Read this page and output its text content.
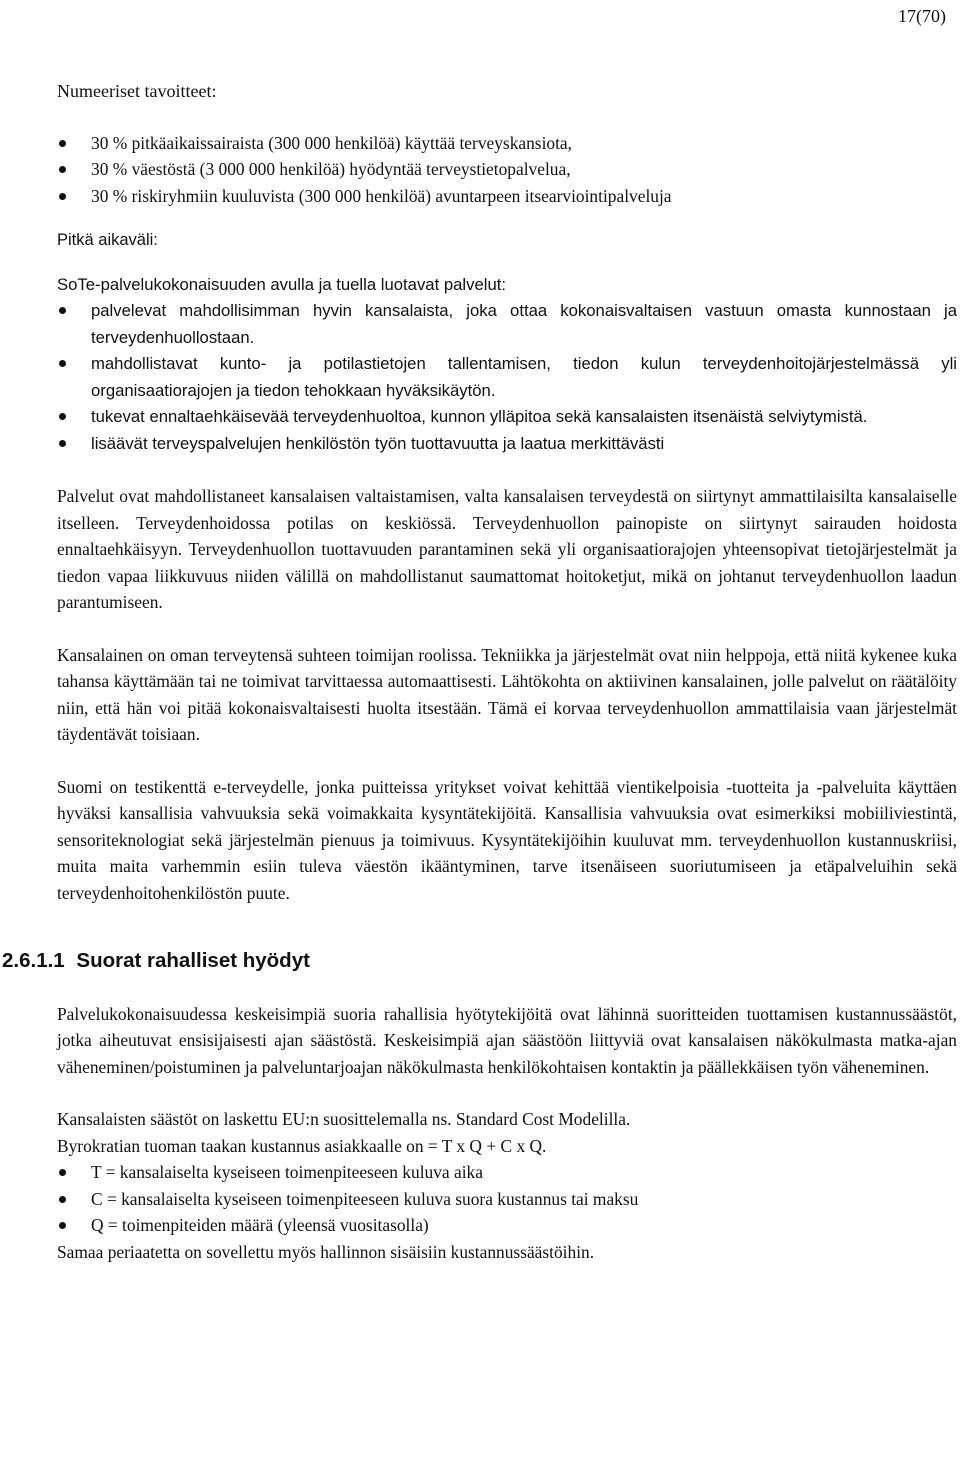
17(70)

Numeeriset tavoitteet:

30 % pitkäaikaissairaista (300 000 henkilöä) käyttää terveyskansiota,
30 % väestöstä (3 000 000 henkilöä) hyödyntää terveystietopalvelua,
30 % riskiryhmiin kuuluvista (300 000 henkilöä) avuntarpeen itsearviointipalveluja

Pitkä aikaväli:

SoTe-palvelukokonaisuuden avulla ja tuella luotavat palvelut:

palvelevat mahdollisimman hyvin kansalaista, joka ottaa kokonaisvaltaisen vastuun omasta kunnostaan ja terveydenhuollostaan.
mahdollistavat kunto- ja potilastietojen tallentamisen, tiedon kulun terveydenhoitojärjestelmässä yli organisaatiorajojen ja tiedon tehokkaan hyväksikäytön.
tukevat ennaltaehkäisevää terveydenhuoltoa, kunnon ylläpitoa sekä kansalaisten itsenäistä selviytymistä.
lisäävät terveyspalvelujen henkilöstön työn tuottavuutta ja laatua merkittävästi

Palvelut ovat mahdollistaneet kansalaisen valtaistamisen, valta kansalaisen terveydestä on siirtynyt ammattilaisilta kansalaiselle itselleen. Terveydenhoidossa potilas on keskiössä. Terveydenhuollon painopiste on siirtynyt sairauden hoidosta ennaltaehkäisyyn. Terveydenhuollon tuottavuuden parantaminen sekä yli organisaatiorajojen yhteensopivat tietojärjestelmät ja tiedon vapaa liikkuvuus niiden välillä on mahdollistanut saumattomat hoitoketjut, mikä on johtanut terveydenhuollon laadun parantumiseen.

Kansalainen on oman terveytensä suhteen toimijan roolissa. Tekniikka ja järjestelmät ovat niin helppoja, että niitä kykenee kuka tahansa käyttämään tai ne toimivat tarvittaessa automaattisesti. Lähtökohta on aktiivinen kansalainen, jolle palvelut on räätälöity niin, että hän voi pitää kokonaisvaltaisesti huolta itsestään. Tämä ei korvaa terveydenhuollon ammattilaisia vaan järjestelmät täydentävät toisiaan.

Suomi on testikenttä e-terveydelle, jonka puitteissa yritykset voivat kehittää vientikelpoisia -tuotteita ja -palveluita käyttäen hyväksi kansallisia vahvuuksia sekä voimakkaita kysyntätekijöitä. Kansallisia vahvuuksia ovat esimerkiksi mobiiliviestintä, sensoriteknologiat sekä järjestelmän pienuus ja toimivuus. Kysyntätekijöihin kuuluvat mm. terveydenhuollon kustannuskriisi, muita maita varhemmin esiin tuleva väestön ikääntyminen, tarve itsenäiseen suoriutumiseen ja etäpalveluihin sekä terveydenhoitohenkilöstön puute.

2.6.1.1 Suorat rahalliset hyödyt

Palvelukokonaisuudessa keskeisimpiä suoria rahallisia hyötytekijöitä ovat lähinnä suoritteiden tuottamisen kustannussäästöt, jotka aiheutuvat ensisijaisesti ajan säästöstä. Keskeisimpiä ajan säästöön liittyviä ovat kansalaisen näkökulmasta matka-ajan väheneminen/poistuminen ja palveluntarjoajan näkökulmasta henkilökohtaisen kontaktin ja päällekkäisen työn väheneminen.

Kansalaisten säästöt on laskettu EU:n suosittelemalla ns. Standard Cost Modelilla.

Byrokratian tuoman taakan kustannus asiakkaalle on = T x Q + C x Q.

T = kansalaiselta kyseiseen toimenpiteeseen kuluva aika
C = kansalaiselta kyseiseen toimenpiteeseen kuluva suora kustannus tai maksu
Q = toimenpiteiden määrä (yleensä vuositasolla)

Samaa periaatetta on sovellettu myös hallinnon sisäisiin kustannussäästöihin.
